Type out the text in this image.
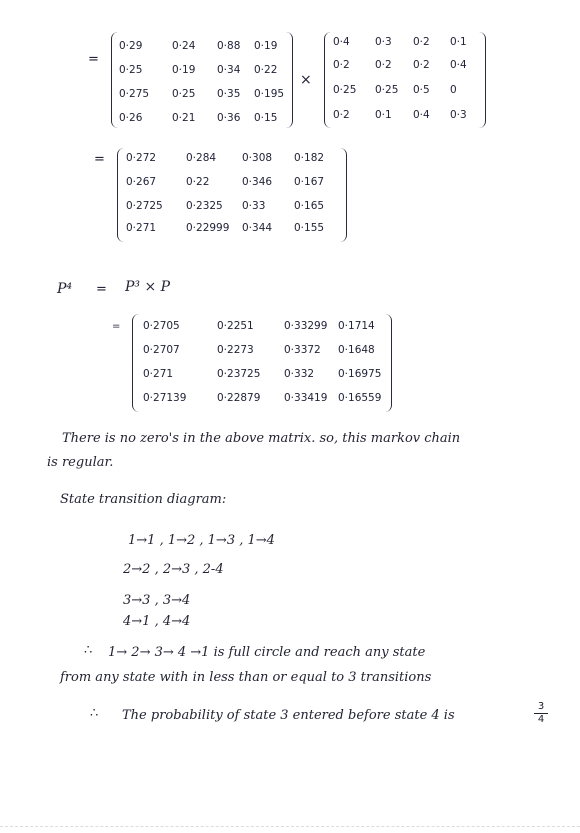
=
0·29	0·24 0·88 0·19
0·25	0·19 0·34 0·22
0·275 0·25 0·35 0·195
0·26	0·21 0·36 0·15
×
0·4 0·3 0·2 0·1
0·2 0·2 0·2 0·4
0·25 0·25 0·5 0
0·2 0·1 0·4 0·3
= 0·272	0·284 0·308 0·182
0·267	0·22	0·346 0·167
0·2725 0·2325 0·33	0·165
0·271	0·22999 0·344 0·155
P⁴ = P³ × P
= 0·2705	0·2251	0·33299 0·1714
0·2707	0·2273	0·3372 0·1648
0·271	0·23725 0·332 0·16975
0·27139	0·22879 0·33419 0·16559
There is no zero's in the above matrix. so, this markov chain
is regular.
State transition diagram:
1→1 , 1→2 , 1→3 , 1→4
2→2 , 2→3 , 2-4
3→3 , 3→4
4→1 , 4→4
∴ 1→ 2→ 3→ 4 →1 is full circle and reach any state
from any state with in less than or equal to 3 transitions
∴ The probability of state 3 entered before state 4 is
3
4
